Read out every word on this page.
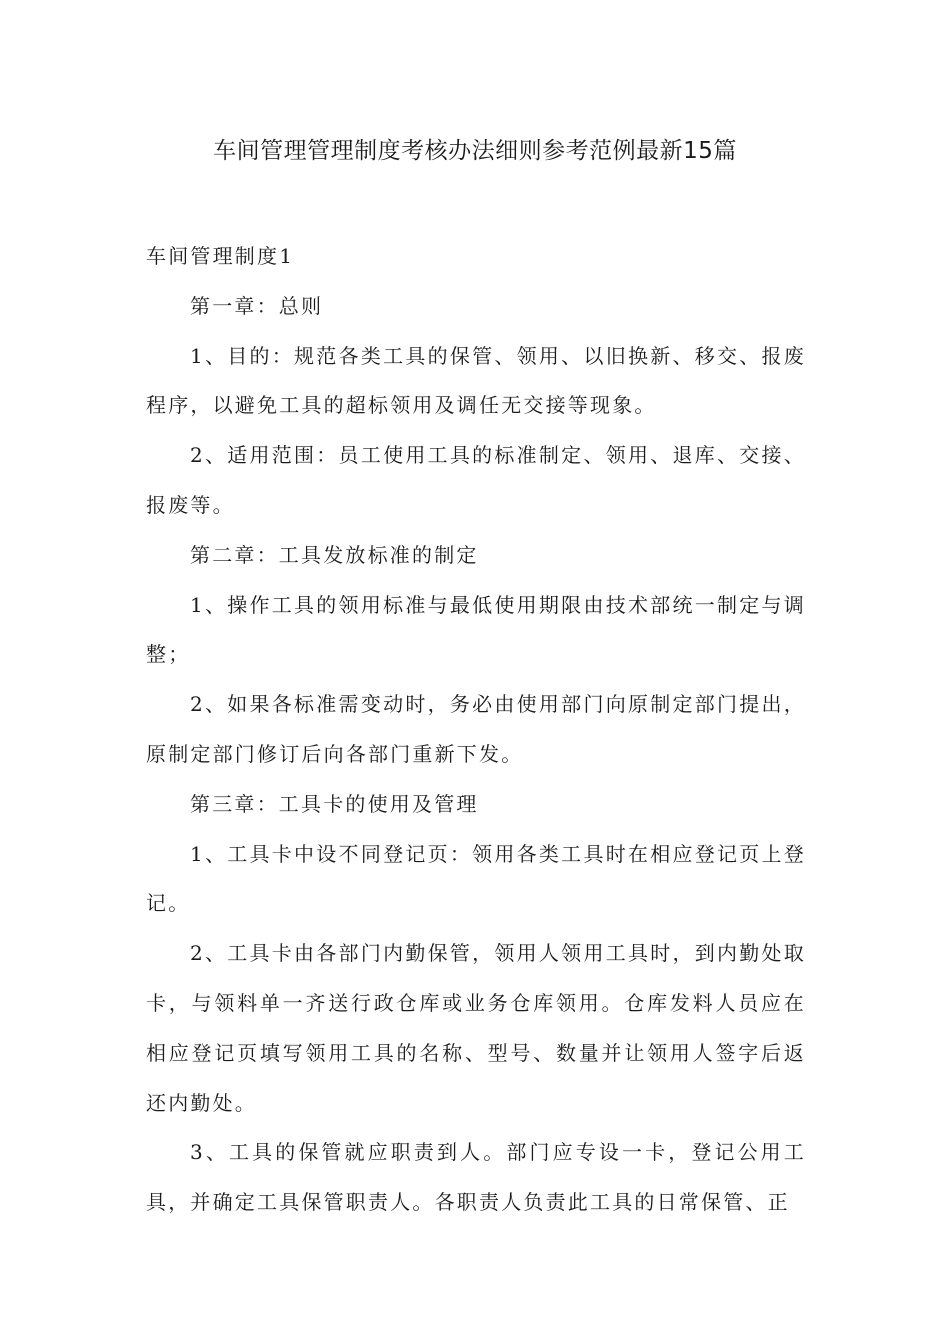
车间管理管理制度考核办法细则参考范例最新15篇

车间管理制度1

第一章：总则

1、目的：规范各类工具的保管、领用、以旧换新、移交、报废程序，以避免工具的超标领用及调任无交接等现象。

2、适用范围：员工使用工具的标准制定、领用、退库、交接、报废等。

第二章：工具发放标准的制定

1、操作工具的领用标准与最低使用期限由技术部统一制定与调整；

2、如果各标准需变动时，务必由使用部门向原制定部门提出，原制定部门修订后向各部门重新下发。

第三章：工具卡的使用及管理

1、工具卡中设不同登记页：领用各类工具时在相应登记页上登记。

2、工具卡由各部门内勤保管，领用人领用工具时，到内勤处取卡，与领料单一齐送行政仓库或业务仓库领用。仓库发料人员应在相应登记页填写领用工具的名称、型号、数量并让领用人签字后返还内勤处。

3、工具的保管就应职责到人。部门应专设一卡，登记公用工具，并确定工具保管职责人。各职责人负责此工具的日常保管、正
